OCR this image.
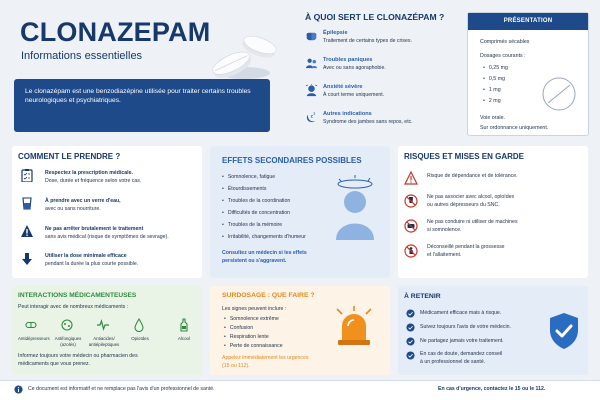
CLONAZEPAM
Informations essentielles
Le clonazépam est une benzodiazépine utilisée pour traiter certains troubles neurologiques et psychiatriques.
À QUOI SERT LE CLONAZÉPAM ?
Épilepsie
Traitement de certains types de crises.
Troubles paniques
Avec ou sans agoraphobie.
Anxiété sévère
À court terme uniquement.
z z Autres indications
Syndrome des jambes sans repos, etc.
PRÉSENTATION
Comprimés sécables
Dosages courants :
• 0,25 mg
• 0,5 mg
• 1 mg
• 2 mg
Voie orale.
Sur ordonnance uniquement.
COMMENT LE PRENDRE ?
Respectez la prescription médicale.
Dose, durée et fréquence selon votre cas.
À prendre avec un verre d'eau,
avec ou sans nourriture.
Ne pas arrêter brutalement le traitement
sans avis médical (risque de symptômes de sevrage).
Utiliser la dose minimale efficace
pendant la durée la plus courte possible.
EFFETS SECONDAIRES POSSIBLES
• Somnolence, fatigue
• Étourdissements
• Troubles de la coordination
• Difficultés de concentration
• Troubles de la mémoire
• Irritabilité, changements d'humeur
Consultez un médecin si les effets
persistent ou s'aggravent.
RISQUES ET MISES EN GARDE
Risque de dépendance et de tolérance.
Ne pas associer avec alcool, opioïdes
ou autres dépresseurs du SNC.
Ne pas conduire ni utiliser de machines
si somnolence.
Déconseillé pendant la grossesse
et l'allaitement.
INTERACTIONS MÉDICAMENTEUSES
Peut interagir avec de nombreux médicaments :
Antidépresseurs	Antifongiques
(azolés)
Antiacides/
antiépileptiques
Opioïdes	Alcool
Informez toujours votre médecin ou pharmacien des
médicaments que vous prenez.
SURDOSAGE : QUE FAIRE ?
Les signes peuvent inclure :
• Somnolence extrême
• Confusion
• Respiration lente
• Perte de connaissance
Appelez immédiatement les urgences
(15 ou 112).
À RETENIR
Médicament efficace mais à risque.
Suivez toujours l'avis de votre médecin.
Ne partagez jamais votre traitement.
En cas de doute, demandez conseil
à un professionnel de santé.
Ce document est informatif et ne remplace pas l'avis d'un professionnel de santé.	En cas d'urgence, contactez le 15 ou le 112.
